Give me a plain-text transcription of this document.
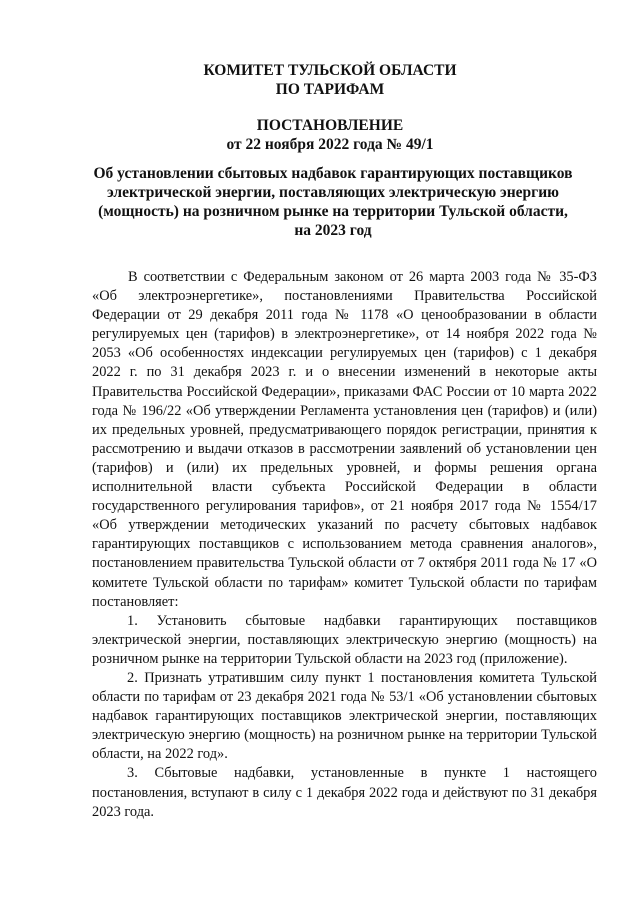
КОМИТЕТ ТУЛЬСКОЙ ОБЛАСТИ
ПО ТАРИФАМ
ПОСТАНОВЛЕНИЕ
от 22 ноября 2022 года № 49/1
Об установлении сбытовых надбавок гарантирующих поставщиков
электрической энергии, поставляющих электрическую энергию
(мощность) на розничном рынке на территории Тульской области,
на 2023 год

В соответствии с Федеральным законом от 26 марта 2003 года № 35-ФЗ «Об электроэнергетике», постановлениями Правительства Российской Федерации от 29 декабря 2011 года № 1178 «О ценообразовании в области регулируемых цен (тарифов) в электроэнергетике», от 14 ноября 2022 года № 2053 «Об особенностях индексации регулируемых цен (тарифов) с 1 декабря 2022 г. по 31 декабря 2023 г. и о внесении изменений в некоторые акты Правительства Российской Федерации», приказами ФАС России от 10 марта 2022 года № 196/22 «Об утверждении Регламента установления цен (тарифов) и (или) их предельных уровней, предусматривающего порядок регистрации, принятия к рассмотрению и выдачи отказов в рассмотрении заявлений об установлении цен (тарифов) и (или) их предельных уровней, и формы решения органа исполнительной власти субъекта Российской Федерации в области государственного регулирования тарифов», от 21 ноября 2017 года № 1554/17 «Об утверждении методических указаний по расчету сбытовых надбавок гарантирующих поставщиков с использованием метода сравнения аналогов», постановлением правительства Тульской области от 7 октября 2011 года № 17 «О комитете Тульской области по тарифам» комитет Тульской области по тарифам постановляет:

1. Установить сбытовые надбавки гарантирующих поставщиков электрической энергии, поставляющих электрическую энергию (мощность) на розничном рынке на территории Тульской области на 2023 год (приложение).

2. Признать утратившим силу пункт 1 постановления комитета Тульской области по тарифам от 23 декабря 2021 года № 53/1 «Об установлении сбытовых надбавок гарантирующих поставщиков электрической энергии, поставляющих электрическую энергию (мощность) на розничном рынке на территории Тульской области, на 2022 год».

3. Сбытовые надбавки, установленные в пункте 1 настоящего постановления, вступают в силу с 1 декабря 2022 года и действуют по 31 декабря 2023 года.
